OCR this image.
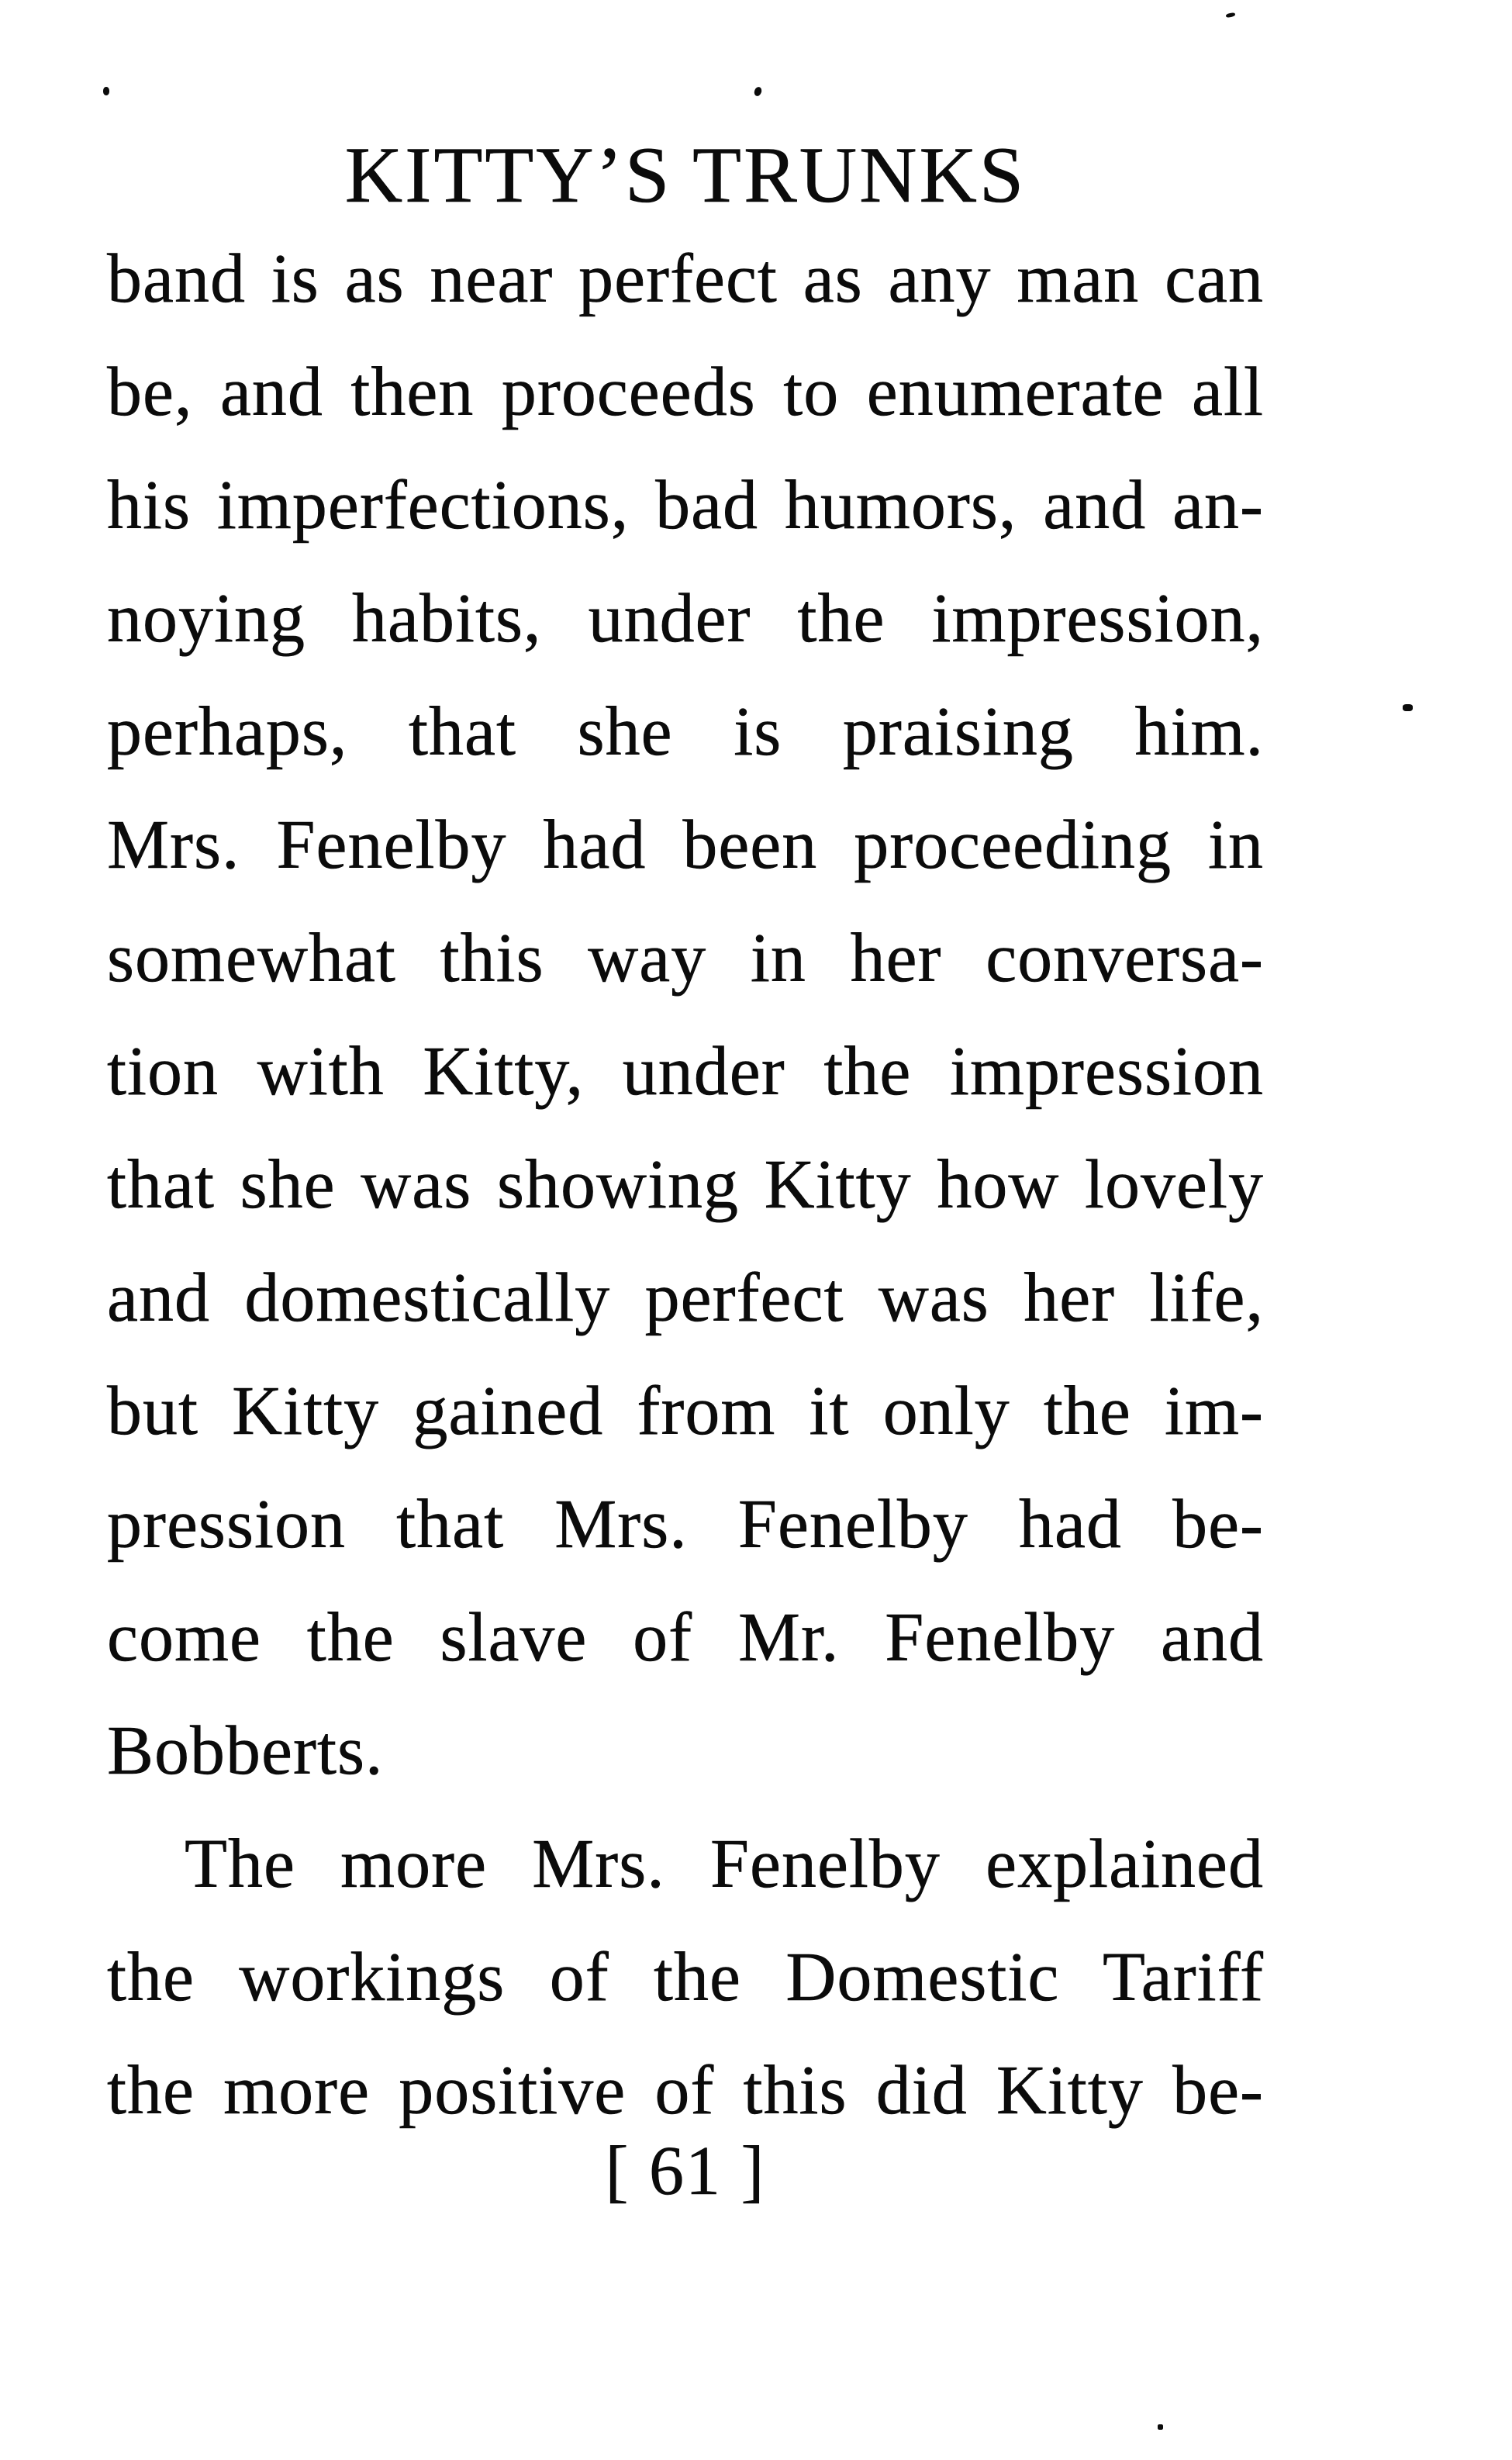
KITTY’S TRUNKS
band is as near perfect as any man can
be, and then proceeds to enumerate all
his imperfections, bad humors, and an-
noying habits, under the impression,
perhaps, that she is praising him.
Mrs. Fenelby had been proceeding in
somewhat this way in her conversa-
tion with Kitty, under the impression
that she was showing Kitty how lovely
and domestically perfect was her life,
but Kitty gained from it only the im-
pression that Mrs. Fenelby had be-
come the slave of Mr. Fenelby and
Bobberts.
The more Mrs. Fenelby explained
the workings of the Domestic Tariff
the more positive of this did Kitty be-
[ 61 ]
